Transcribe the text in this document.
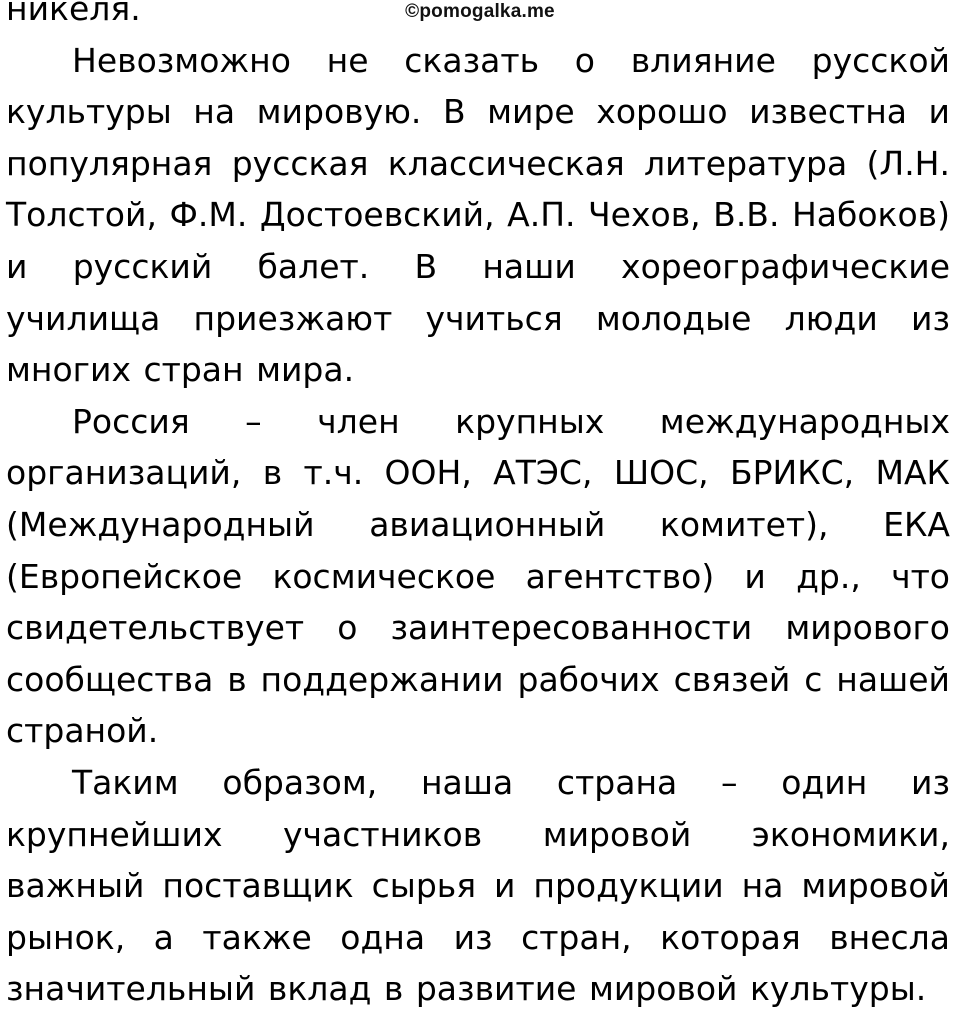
©pomogalka.me

никеля.

Невозможно не сказать о влияние русской культуры на мировую. В мире хорошо известна и популярная русская классическая литература (Л.Н. Толстой, Ф.М. Достоевский, А.П. Чехов, В.В. Набоков) и русский балет. В наши хореографические училища приезжают учиться молодые люди из многих стран мира.

Россия – член крупных международных организаций, в т.ч. ООН, АТЭС, ШОС, БРИКС, МАК (Международный авиационный комитет), ЕКА (Европейское космическое агентство) и др., что свидетельствует о заинтересованности мирового сообщества в поддержании рабочих связей с нашей страной.

Таким образом, наша страна – один из крупнейших участников мировой экономики, важный поставщик сырья и продукции на мировой рынок, а также одна из стран, которая внесла значительный вклад в развитие мировой культуры.
